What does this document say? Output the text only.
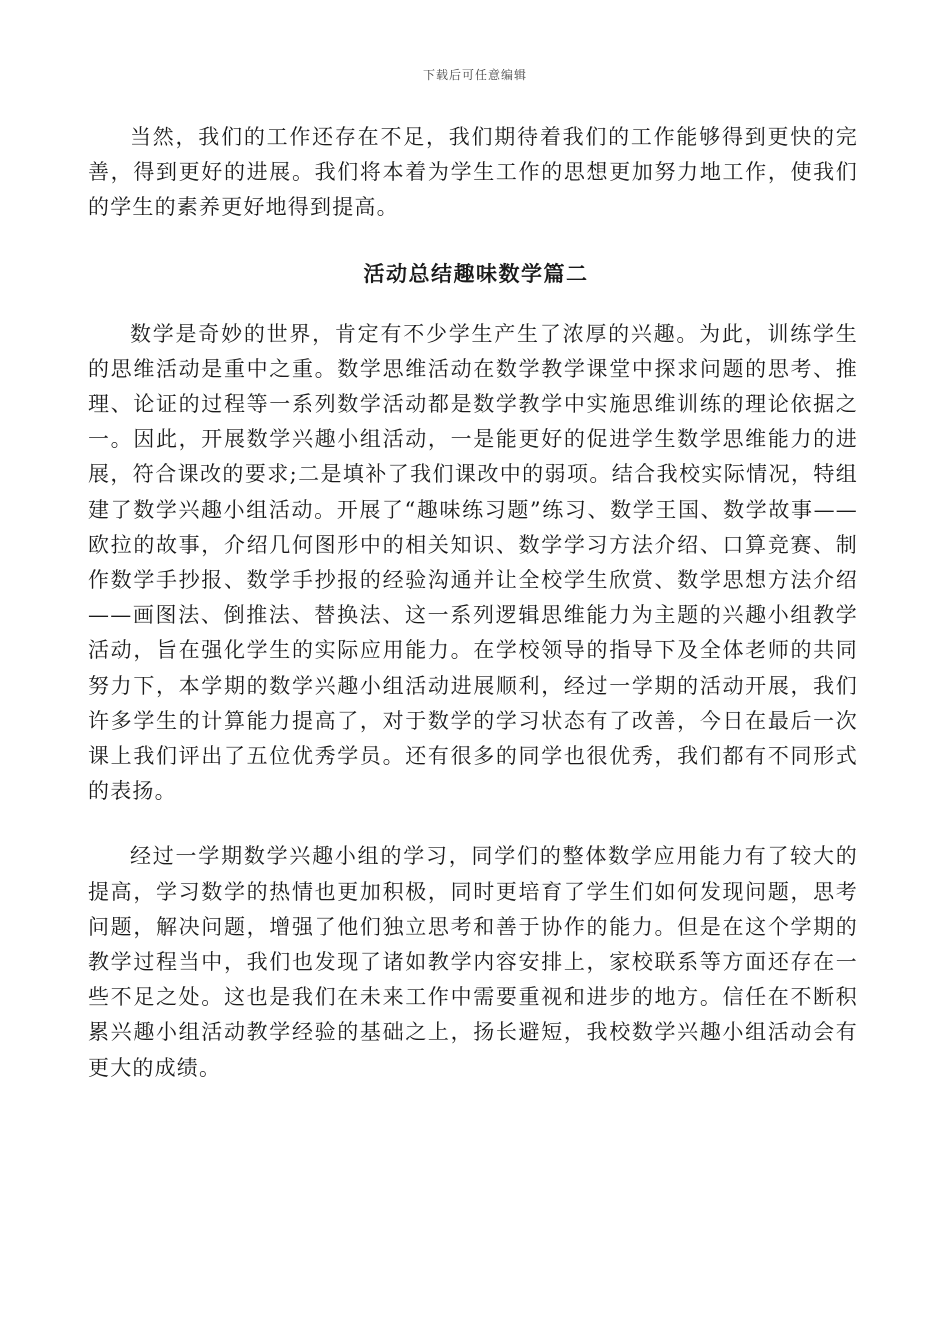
下载后可任意编辑

当然，我们的工作还存在不足，我们期待着我们的工作能够得到更快的完善，得到更好的进展。我们将本着为学生工作的思想更加努力地工作，使我们的学生的素养更好地得到提高。

活动总结趣味数学篇二

数学是奇妙的世界，肯定有不少学生产生了浓厚的兴趣。为此，训练学生的思维活动是重中之重。数学思维活动在数学教学课堂中探求问题的思考、推理、论证的过程等一系列数学活动都是数学教学中实施思维训练的理论依据之一。因此，开展数学兴趣小组活动，一是能更好的促进学生数学思维能力的进展，符合课改的要求;二是填补了我们课改中的弱项。结合我校实际情况，特组建了数学兴趣小组活动。开展了“趣味练习题”练习、数学王国、数学故事——欧拉的故事，介绍几何图形中的相关知识、数学学习方法介绍、口算竞赛、制作数学手抄报、数学手抄报的经验沟通并让全校学生欣赏、数学思想方法介绍——画图法、倒推法、替换法、这一系列逻辑思维能力为主题的兴趣小组教学活动，旨在强化学生的实际应用能力。在学校领导的指导下及全体老师的共同努力下，本学期的数学兴趣小组活动进展顺利，经过一学期的活动开展，我们许多学生的计算能力提高了，对于数学的学习状态有了改善，今日在最后一次课上我们评出了五位优秀学员。还有很多的同学也很优秀，我们都有不同形式的表扬。

经过一学期数学兴趣小组的学习，同学们的整体数学应用能力有了较大的提高，学习数学的热情也更加积极，同时更培育了学生们如何发现问题，思考问题，解决问题，增强了他们独立思考和善于协作的能力。但是在这个学期的教学过程当中，我们也发现了诸如教学内容安排上，家校联系等方面还存在一些不足之处。这也是我们在未来工作中需要重视和进步的地方。信任在不断积累兴趣小组活动教学经验的基础之上，扬长避短，我校数学兴趣小组活动会有更大的成绩。
